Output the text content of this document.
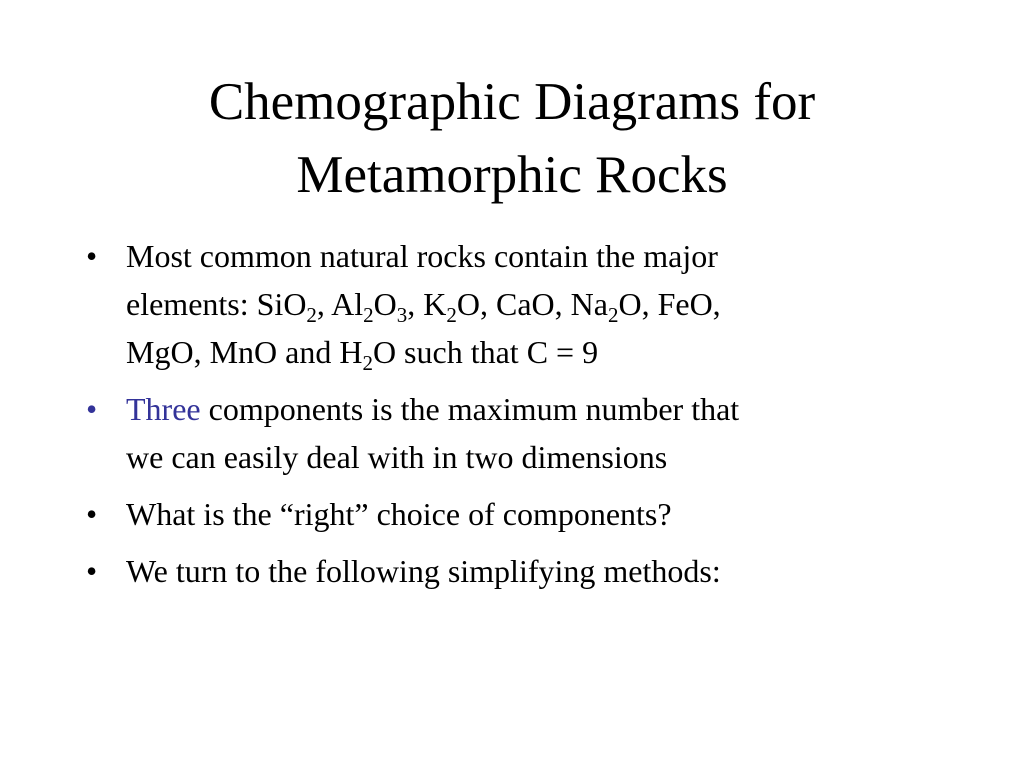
Chemographic Diagrams for
Metamorphic Rocks
• Most common natural rocks contain the major
elements: SiO$_2$, $Al_2O_3$, $K_2O$, CaO, $Na_2O$, FeO,
MgO, MnO and $H_2O$ such that C = 9
• Three components is the maximum number that
we can easily deal with in two dimensions
• What is the “right” choice of components?
• We turn to the following simplifying methods:
